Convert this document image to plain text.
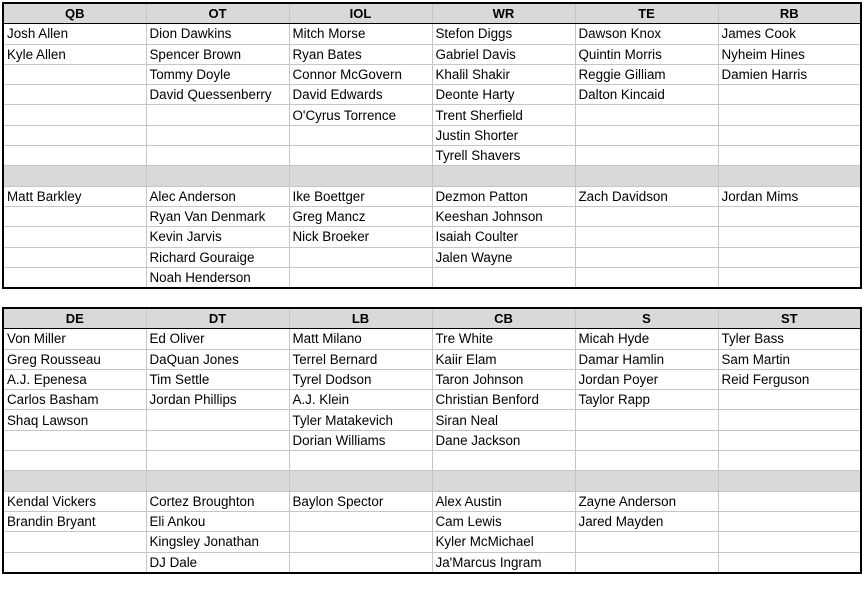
QB	OT	IOL	WR	TE	RB
Josh Allen	Dion Dawkins	Mitch Morse	Stefon Diggs	Dawson Knox	James Cook
Kyle Allen	Spencer Brown	Ryan Bates	Gabriel Davis	Quintin Morris	Nyheim Hines
	Tommy Doyle	Connor McGovern	Khalil Shakir	Reggie Gilliam	Damien Harris
	David Quessenberry	David Edwards	Deonte Harty	Dalton Kincaid	
		O'Cyrus Torrence	Trent Sherfield		
			Justin Shorter		
			Tyrell Shavers		

Matt Barkley	Alec Anderson	Ike Boettger	Dezmon Patton	Zach Davidson	Jordan Mims
	Ryan Van Denmark	Greg Mancz	Keeshan Johnson		
	Kevin Jarvis	Nick Broeker	Isaiah Coulter		
	Richard Gouraige		Jalen Wayne		
	Noah Henderson				
DE	DT	LB	CB	S	ST
Von Miller	Ed Oliver	Matt Milano	Tre White	Micah Hyde	Tyler Bass
Greg Rousseau	DaQuan Jones	Terrel Bernard	Kaiir Elam	Damar Hamlin	Sam Martin
A.J. Epenesa	Tim Settle	Tyrel Dodson	Taron Johnson	Jordan Poyer	Reid Ferguson
Carlos Basham	Jordan Phillips	A.J. Klein	Christian Benford	Taylor Rapp	
Shaq Lawson		Tyler Matakevich	Siran Neal		
		Dorian Williams	Dane Jackson		

Kendal Vickers	Cortez Broughton	Baylon Spector	Alex Austin	Zayne Anderson	
Brandin Bryant	Eli Ankou		Cam Lewis	Jared Mayden	
	Kingsley Jonathan		Kyler McMichael		
	DJ Dale		Ja'Marcus Ingram		
